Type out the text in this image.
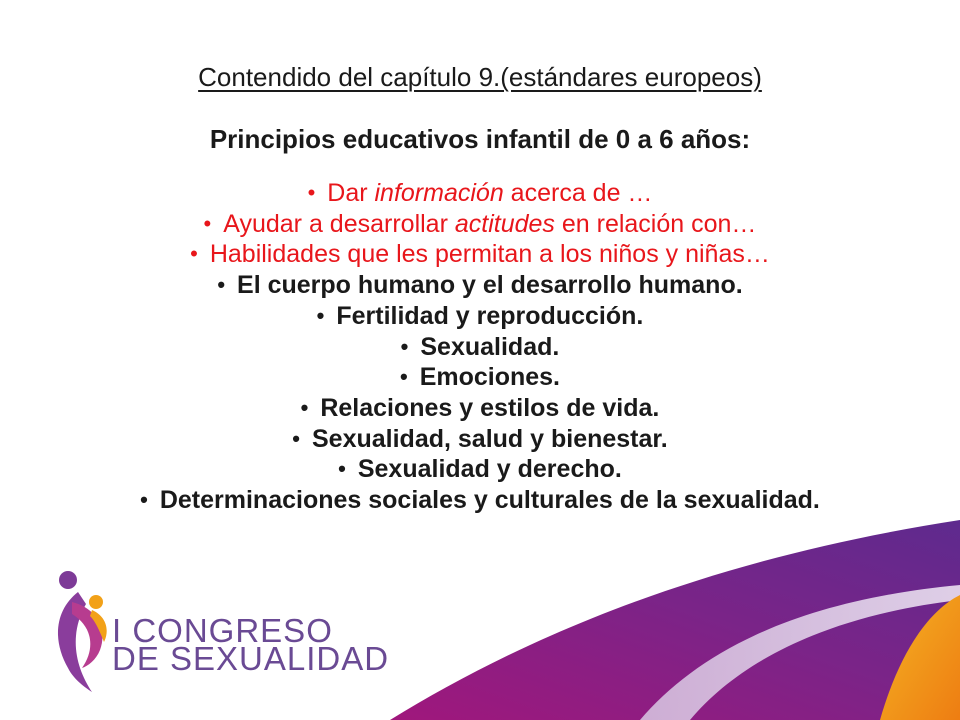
Contendido del capítulo 9.(estándares europeos)
Principios educativos infantil de 0 a 6 años:
• Dar información acerca de …
• Ayudar a desarrollar actitudes en relación con…
• Habilidades que les permitan a los niños y niñas…
• El cuerpo humano y el desarrollo humano.
• Fertilidad y reproducción.
• Sexualidad.
• Emociones.
• Relaciones y estilos de vida.
• Sexualidad, salud y bienestar.
• Sexualidad y derecho.
• Determinaciones sociales y culturales de la sexualidad.
I CONGRESO
DE SEXUALIDAD
